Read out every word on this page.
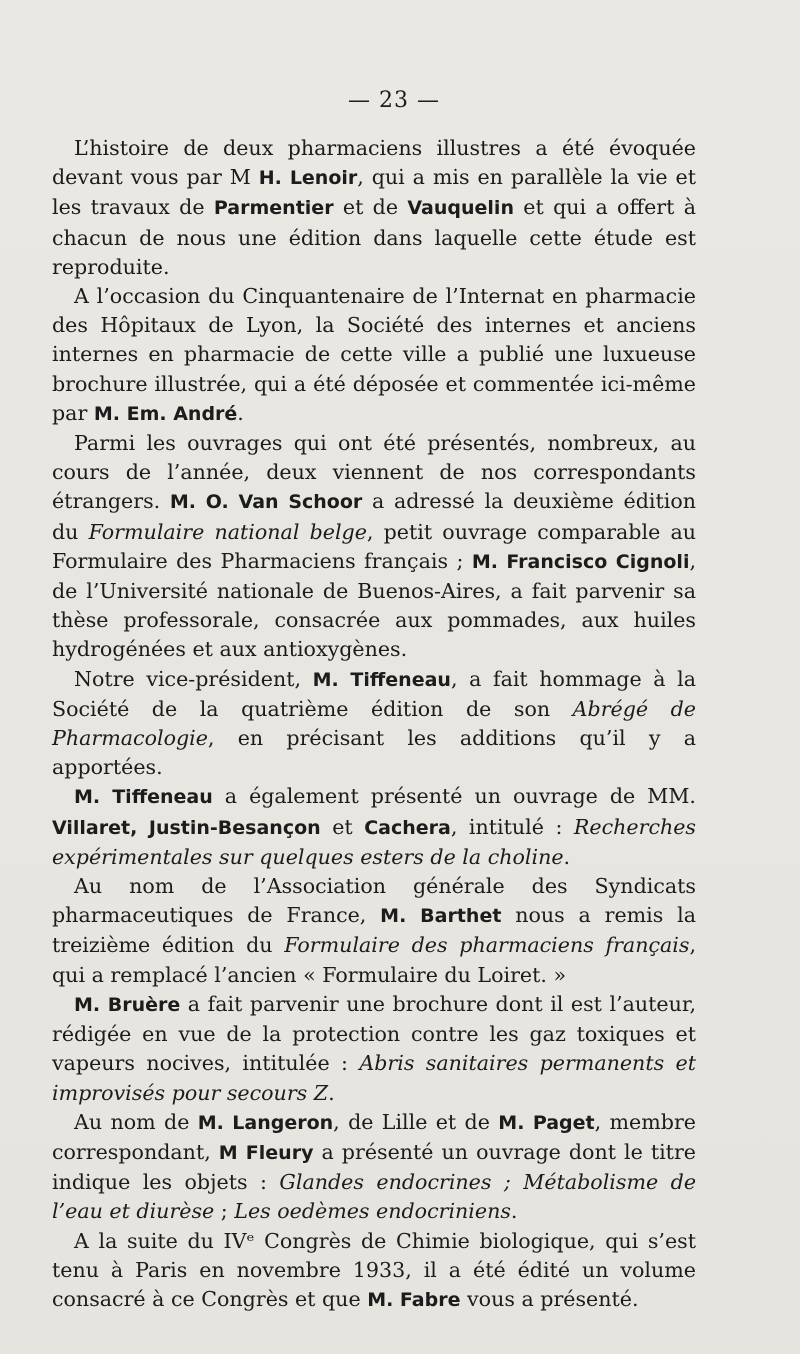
— 23 —

L’histoire de deux pharmaciens illustres a été évoquée devant vous par M H. Lenoir, qui a mis en parallèle la vie et les travaux de Parmentier et de Vauquelin et qui a offert à chacun de nous une édition dans laquelle cette étude est reproduite.

A l’occasion du Cinquantenaire de l’Internat en pharmacie des Hôpitaux de Lyon, la Société des internes et anciens internes en pharmacie de cette ville a publié une luxueuse brochure illustrée, qui a été déposée et commentée ici-même par M. Em. André.

Parmi les ouvrages qui ont été présentés, nombreux, au cours de l’année, deux viennent de nos correspondants étrangers. M. O. Van Schoor a adressé la deuxième édition du Formulaire national belge, petit ouvrage comparable au Formulaire des Pharmaciens français ; M. Francisco Cignoli, de l’Université nationale de Buenos-Aires, a fait parvenir sa thèse professorale, consacrée aux pommades, aux huiles hydrogénées et aux antioxygènes.

Notre vice-président, M. Tiffeneau, a fait hommage à la Société de la quatrième édition de son Abrégé de Pharmacologie, en précisant les additions qu’il y a apportées.

M. Tiffeneau a également présenté un ouvrage de MM. Villaret, Justin-Besançon et Cachera, intitulé : Recherches expérimentales sur quelques esters de la choline.

Au nom de l’Association générale des Syndicats pharmaceutiques de France, M. Barthet nous a remis la treizième édition du Formulaire des pharmaciens français, qui a remplacé l’ancien « Formulaire du Loiret. »

M. Bruère a fait parvenir une brochure dont il est l’auteur, rédigée en vue de la protection contre les gaz toxiques et vapeurs nocives, intitulée : Abris sanitaires permanents et improvisés pour secours Z.

Au nom de M. Langeron, de Lille et de M. Paget, membre correspondant, M Fleury a présenté un ouvrage dont le titre indique les objets : Glandes endocrines ; Métabolisme de l’eau et diurèse ; Les oedèmes endocriniens.

A la suite du IVᵉ Congrès de Chimie biologique, qui s’est tenu à Paris en novembre 1933, il a été édité un volume consacré à ce Congrès et que M. Fabre vous a présenté.
